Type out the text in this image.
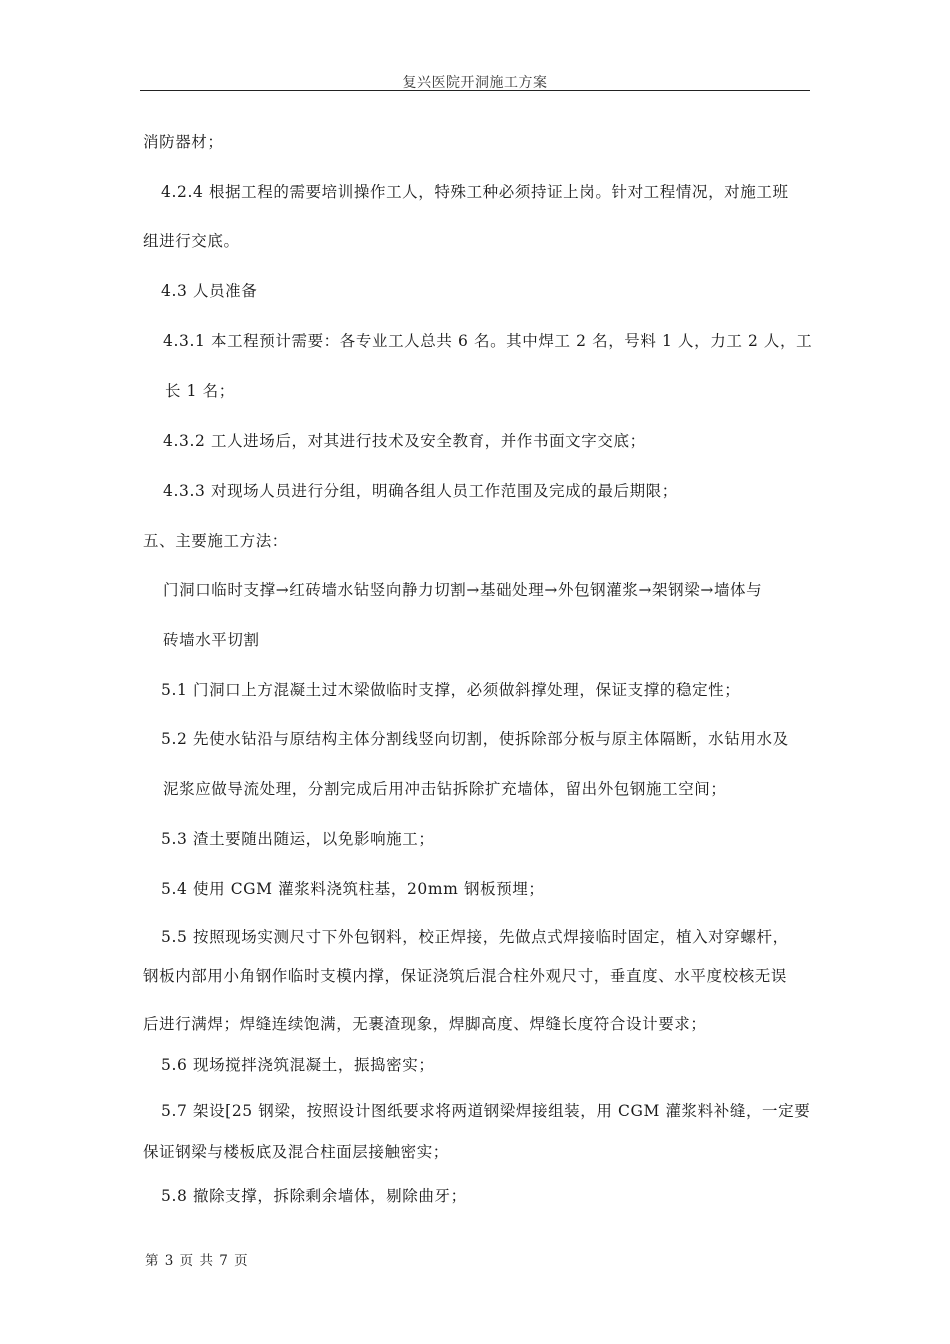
复兴医院开洞施工方案
消防器材；
4.2.4 根据工程的需要培训操作工人，特殊工种必须持证上岗。针对工程情况，对施工班
组进行交底。
4.3 人员准备
4.3.1 本工程预计需要：各专业工人总共 6 名。其中焊工 2 名，号料 1 人，力工 2 人，工
长 1 名；
4.3.2 工人进场后，对其进行技术及安全教育，并作书面文字交底；
4.3.3 对现场人员进行分组，明确各组人员工作范围及完成的最后期限；
五、主要施工方法：
门洞口临时支撑→红砖墙水钻竖向静力切割→基础处理→外包钢灌浆→架钢梁→墙体与
砖墙水平切割
5.1 门洞口上方混凝土过木梁做临时支撑，必须做斜撑处理，保证支撑的稳定性；
5.2 先使水钻沿与原结构主体分割线竖向切割，使拆除部分板与原主体隔断，水钻用水及
泥浆应做导流处理，分割完成后用冲击钻拆除扩充墙体，留出外包钢施工空间；
5.3 渣土要随出随运，以免影响施工；
5.4 使用 CGM 灌浆料浇筑柱基，20mm 钢板预埋；
5.5 按照现场实测尺寸下外包钢料，校正焊接，先做点式焊接临时固定，植入对穿螺杆，
钢板内部用小角钢作临时支模内撑，保证浇筑后混合柱外观尺寸，垂直度、水平度校核无误
后进行满焊；焊缝连续饱满，无裹渣现象，焊脚高度、焊缝长度符合设计要求；
5.6 现场搅拌浇筑混凝土，振捣密实；
5.7 架设[25 钢梁，按照设计图纸要求将两道钢梁焊接组装，用 CGM 灌浆料补缝，一定要
保证钢梁与楼板底及混合柱面层接触密实；
5.8 撤除支撑，拆除剩余墙体，剔除曲牙；
第 3 页 共 7 页
